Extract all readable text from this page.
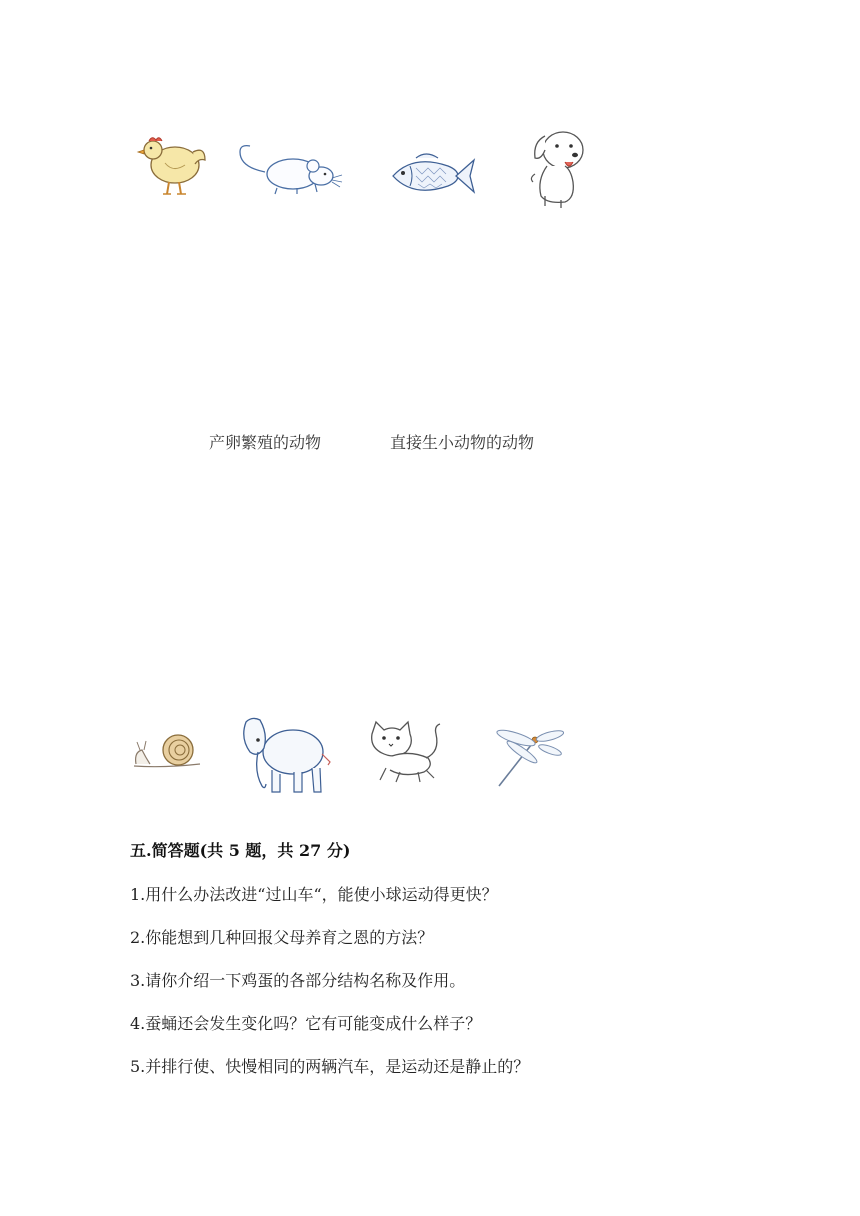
产卵繁殖的动物	直接生小动物的动物
五.简答题(共 5 题，共 27 分)
1.用什么办法改进“过山车“，能使小球运动得更快？
2.你能想到几种回报父母养育之恩的方法？
3.请你介绍一下鸡蛋的各部分结构名称及作用。
4.蚕蛹还会发生变化吗？它有可能变成什么样子？
5.并排行使、快慢相同的两辆汽车，是运动还是静止的？
